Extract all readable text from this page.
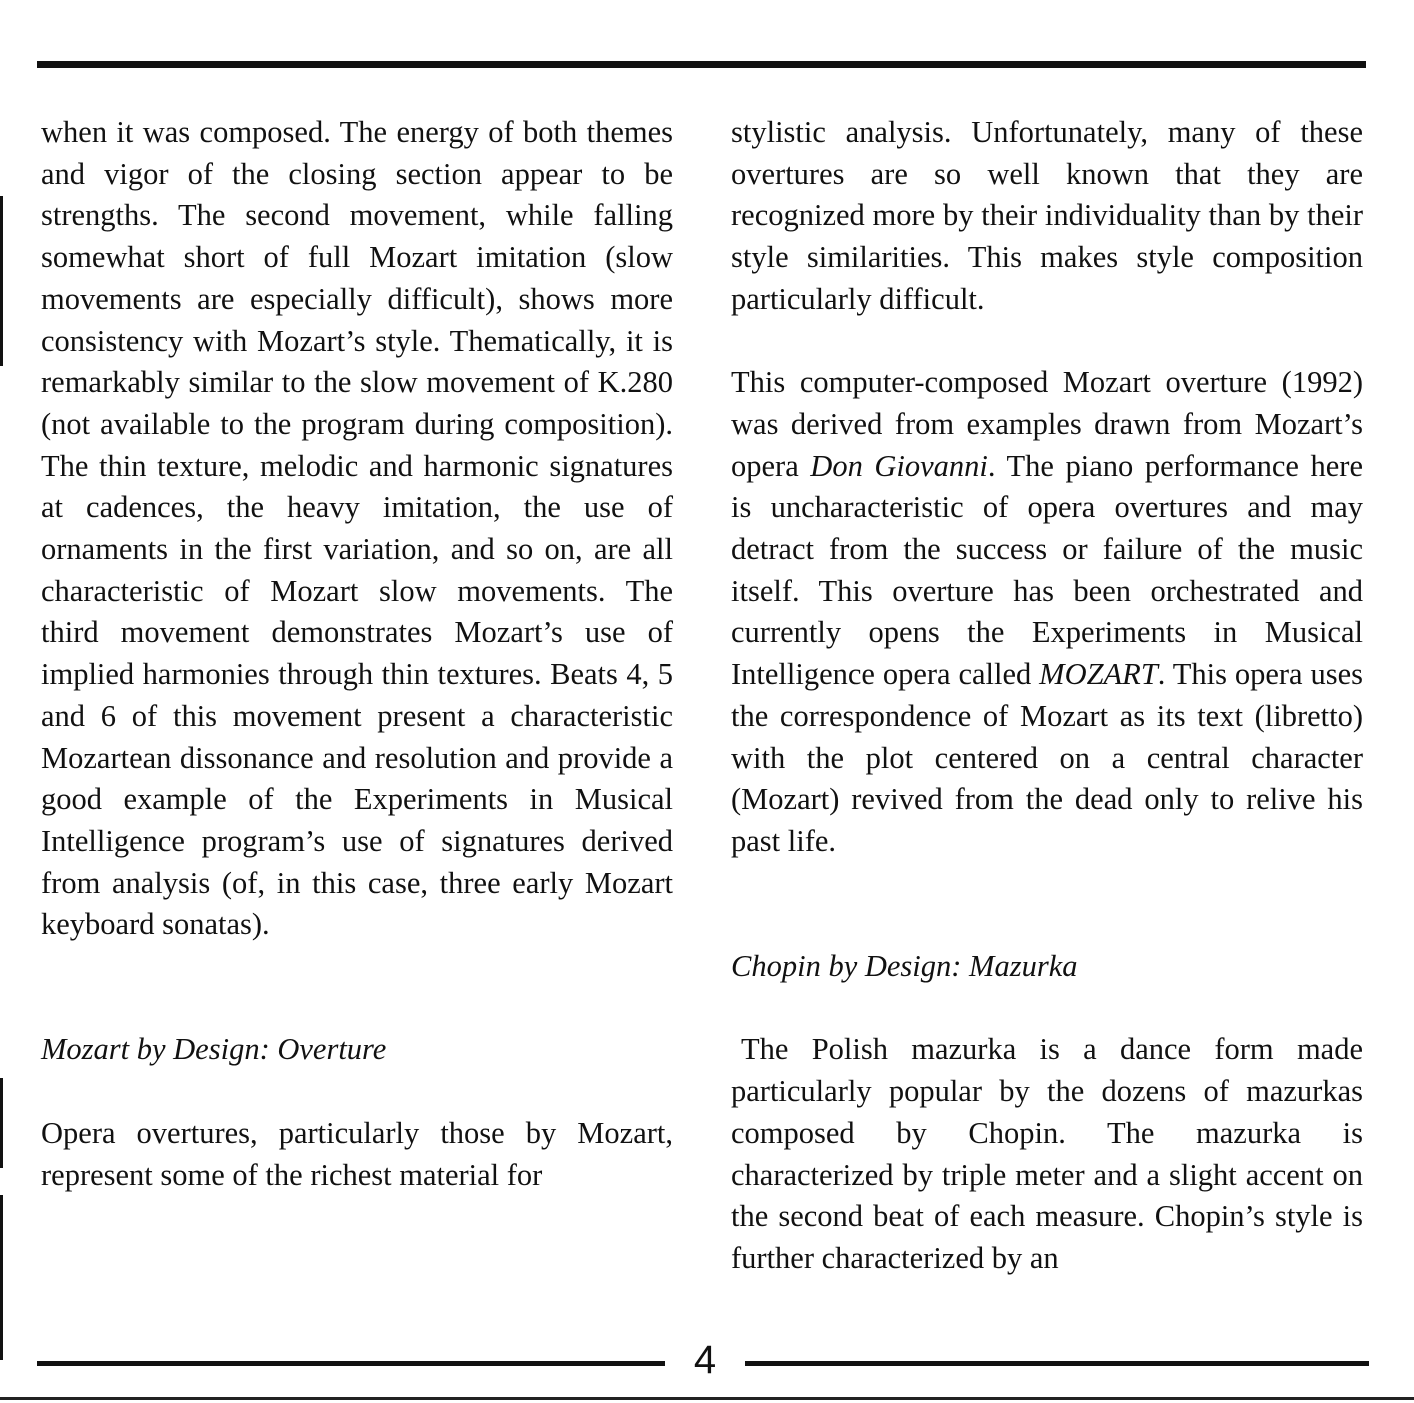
when it was composed. The energy of both themes and vigor of the closing section appear to be strengths. The second movement, while falling somewhat short of full Mozart imitation (slow movements are especially difficult), shows more consistency with Mozart’s style. Thematically, it is remarkably similar to the slow movement of K.280 (not available to the program during composition). The thin texture, melodic and harmonic signatures at cadences, the heavy imitation, the use of ornaments in the first variation, and so on, are all characteristic of Mozart slow movements. The third movement demonstrates Mozart’s use of implied harmonies through thin textures. Beats 4, 5 and 6 of this movement present a characteristic Mozartean dissonance and resolution and provide a good example of the Experiments in Musical Intelligence program’s use of signatures derived from analysis (of, in this case, three early Mozart keyboard sonatas).

Mozart by Design: Overture

Opera overtures, particularly those by Mozart, represent some of the richest material for

stylistic analysis. Unfortunately, many of these overtures are so well known that they are recognized more by their individuality than by their style similarities. This makes style composition particularly difficult.

This computer-composed Mozart overture (1992) was derived from examples drawn from Mozart’s opera Don Giovanni. The piano performance here is uncharacteristic of opera overtures and may detract from the success or failure of the music itself. This overture has been orchestrated and currently opens the Experiments in Musical Intelligence opera called MOZART. This opera uses the correspondence of Mozart as its text (libretto) with the plot centered on a central character (Mozart) revived from the dead only to relive his past life.

Chopin by Design: Mazurka

The Polish mazurka is a dance form made particularly popular by the dozens of mazurkas composed by Chopin. The mazurka is characterized by triple meter and a slight accent on the second beat of each measure. Chopin’s style is further characterized by an

4
